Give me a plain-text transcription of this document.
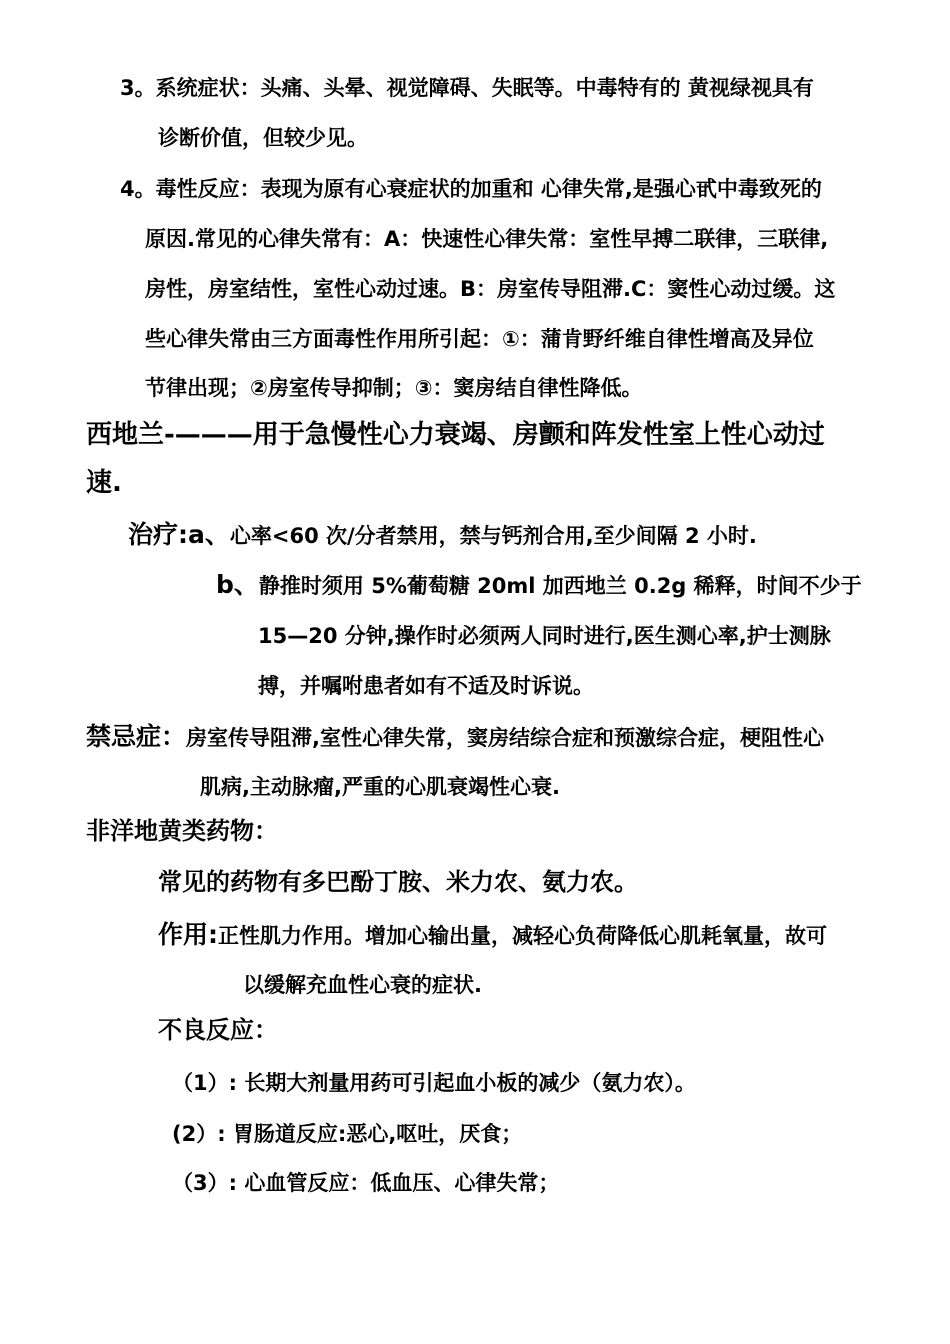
3。系统症状：头痛、头晕、视觉障碍、失眠等。中毒特有的 黄视绿视具有
诊断价值，但较少见。
4。毒性反应：表现为原有心衰症状的加重和 心律失常,是强心甙中毒致死的
原因.常见的心律失常有：A：快速性心律失常：室性早搏二联律，三联律,
房性，房室结性，室性心动过速。B：房室传导阻滞.C：窦性心动过缓。这
些心律失常由三方面毒性作用所引起：①：蒲肯野纤维自律性增高及异位
节律出现；②房室传导抑制；③：窦房结自律性降低。
西地兰-———用于急慢性心力衰竭、房颤和阵发性室上性心动过
速.
治疗:a、心率<60 次/分者禁用，禁与钙剂合用,至少间隔 2 小时.
b、静推时须用 5%葡萄糖 20ml 加西地兰 0.2g 稀释，时间不少于
15—20 分钟,操作时必须两人同时进行,医生测心率,护士测脉
搏，并嘱咐患者如有不适及时诉说。
禁忌症：房室传导阻滞,室性心律失常，窦房结综合症和预激综合症，梗阻性心
肌病,主动脉瘤,严重的心肌衰竭性心衰.
非洋地黄类药物：
常见的药物有多巴酚丁胺、米力农、氨力农。
作用:正性肌力作用。增加心输出量，减轻心负荷降低心肌耗氧量，故可
以缓解充血性心衰的症状.
不良反应：
（1）: 长期大剂量用药可引起血小板的减少（氨力农）。
(2）: 胃肠道反应:恶心,呕吐，厌食；
（3）: 心血管反应：低血压、心律失常；
